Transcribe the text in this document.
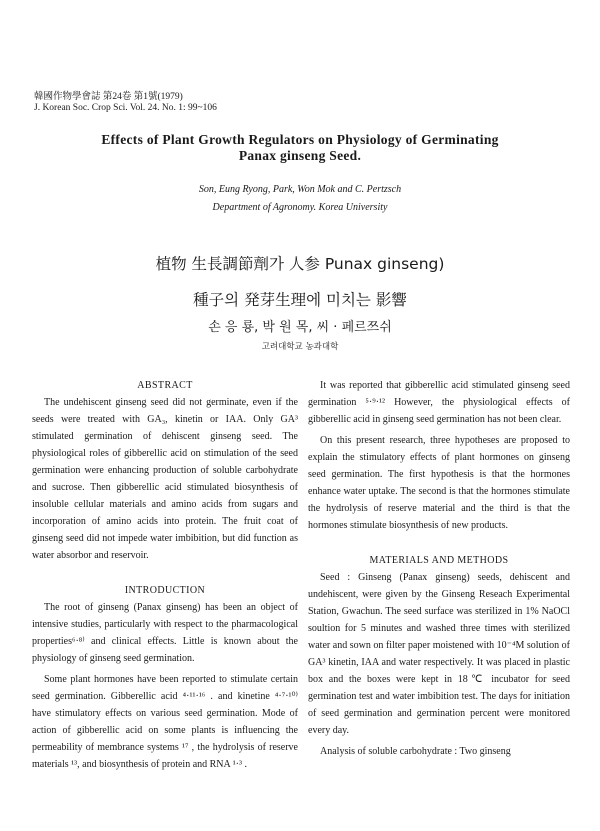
韓國作物學會誌 第24卷 第1號(1979)
J. Korean Soc. Crop Sci. Vol. 24. No. 1: 99~106
Effects of Plant Growth Regulators on Physiology of Germinating
Panax ginseng Seed.
Son, Eung Ryong, Park, Won Mok and C. Pertzsch
Department of Agronomy. Korea University
植物 生長調節劑가 人参 Punax ginseng)
種子의 発芽生理에 미치는 影響
손 응 룡, 박 원 목, 씨 · 페르쯔쉬
고려대학교 농과대학
ABSTRACT

The undehiscent ginseng seed did not germinate, even if the seeds were treated with GA₃, kinetin or IAA. Only GA³ stimulated germination of dehiscent ginseng seed. The physiological roles of gibberellic acid on stimulation of the seed germination were enhancing production of soluble carbohydrate and sucrose. Then gibberellic acid stimulated biosynthesis of insoluble cellular materials and amino acids from sugars and incorporation of amino acids into protein. The fruit coat of ginseng seed did not impede water imbibition, but did function as water absorbor and reservoir.

INTRODUCTION

The root of ginseng (Panax ginseng) has been an object of intensive studies, particularly with respect to the pharmacological properties⁶·⁸⁾ and clinical effects. Little is known about the physiology of ginseng seed germination.

Some plant hormones have been reported to stimulate certain seed germination. Gibberellic acid ⁴·¹¹·¹⁶ . and kinetine ⁴·⁷·¹⁰⁾ have stimulatory effects on various seed germination. Mode of action of gibberellic acid on some plants is influencing the permeability of membrance systems ¹⁷ , the hydrolysis of reserve materials ¹³, and biosynthesis of protein and RNA ¹·³ .

It was reported that gibberellic acid stimulated ginseng seed germination ⁵·⁹·¹² However, the physiological effects of gibberellic acid in ginseng seed germination has not been clear.

On this present research, three hypotheses are proposed to explain the stimulatory effects of plant hormones on ginseng seed germination. The first hypothesis is that the hormones enhance water uptake. The second is that the hormones stimulate the hydrolysis of reserve material and the third is that the hormones stimulate biosynthesis of new products.

MATERIALS AND METHODS

Seed : Ginseng (Panax ginseng) seeds, dehiscent and undehiscent, were given by the Ginseng Reseach Experimental Station, Gwachun. The seed surface was sterilized in 1% NaOCl soultion for 5 minutes and washed three times with sterilized water and sown on filter paper moistened with 10⁻⁴M solution of GA³ kinetin, IAA and water respectively. It was placed in plastic box and the boxes were kept in 18℃ incubator for seed germination test and water imbibition test. The days for initiation of seed germination and germination percent were monitored every day.

Analysis of soluble carbohydrate : Two ginseng
